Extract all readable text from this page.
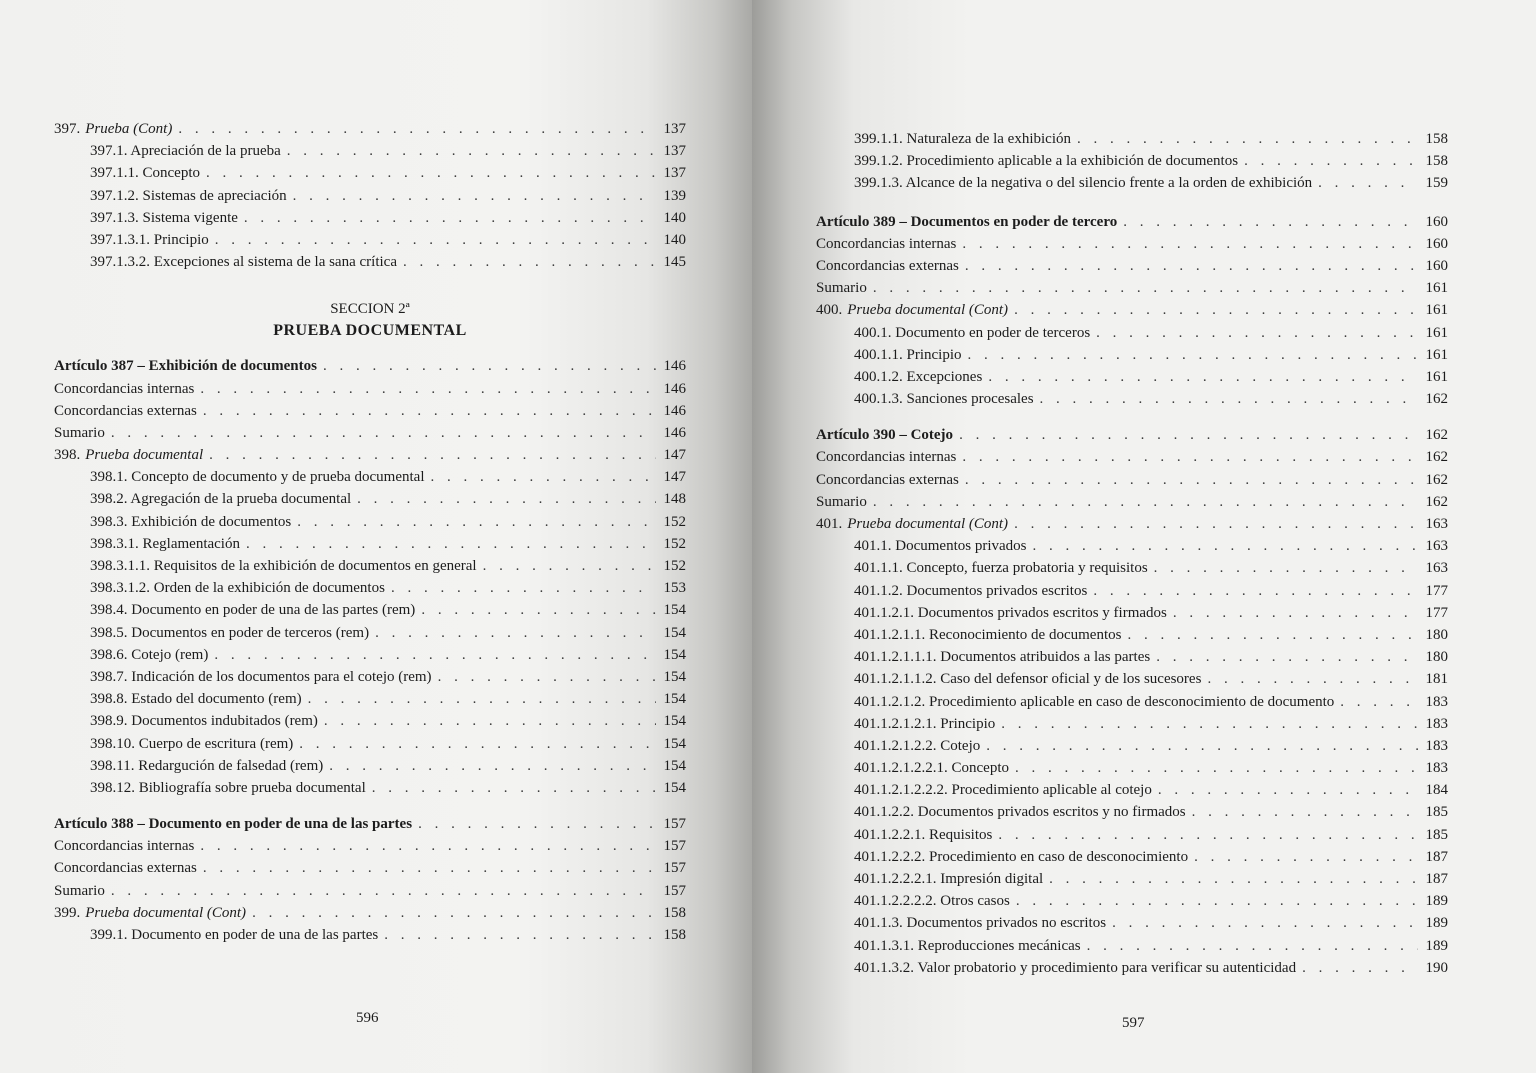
397. Prueba (Cont) . . .	137
397.1. Apreciación de la prueba . . .	137
397.1.1. Concepto . . .	137
397.1.2. Sistemas de apreciación . . .	139
397.1.3. Sistema vigente . . .	140
397.1.3.1. Principio . . .	140
397.1.3.2. Excepciones al sistema de la sana crítica . . .	145

SECCION 2ª

PRUEBA DOCUMENTAL

Artículo 387 – Exhibición de documentos . . .	146
Concordancias internas . . .	146
Concordancias externas . . .	146
Sumario . . .	146
398. Prueba documental . . .	147
398.1. Concepto de documento y de prueba documental . . .	147
398.2. Agregación de la prueba documental . . .	148
398.3. Exhibición de documentos . . .	152
398.3.1. Reglamentación . . .	152
398.3.1.1. Requisitos de la exhibición de documentos en general . . .	152
398.3.1.2. Orden de la exhibición de documentos . . .	153
398.4. Documento en poder de una de las partes (rem) . . .	154
398.5. Documentos en poder de terceros (rem) . . .	154
398.6. Cotejo (rem) . . .	154
398.7. Indicación de los documentos para el cotejo (rem) . . .	154
398.8. Estado del documento (rem) . . .	154
398.9. Documentos indubitados (rem) . . .	154
398.10. Cuerpo de escritura (rem) . . .	154
398.11. Redargución de falsedad (rem) . . .	154
398.12. Bibliografía sobre prueba documental . . .	154
Artículo 388 – Documento en poder de una de las partes . . .	157
Concordancias internas . . .	157
Concordancias externas . . .	157
Sumario . . .	157
399. Prueba documental (Cont) . . .	158
399.1. Documento en poder de una de las partes . . .	158
596
399.1.1. Naturaleza de la exhibición . . .	158
399.1.2. Procedimiento aplicable a la exhibición de documentos . . .	158
399.1.3. Alcance de la negativa o del silencio frente a la orden de exhibición . . .	159
Artículo 389 – Documentos en poder de tercero . . .	160
Concordancias internas . . .	160
Concordancias externas . . .	160
Sumario . . .	161
400. Prueba documental (Cont) . . .	161
400.1. Documento en poder de terceros . . .	161
400.1.1. Principio . . .	161
400.1.2. Excepciones . . .	161
400.1.3. Sanciones procesales . . .	162
Artículo 390 – Cotejo . . .	162
Concordancias internas . . .	162
Concordancias externas . . .	162
Sumario . . .	162
401. Prueba documental (Cont) . . .	163
401.1. Documentos privados . . .	163
401.1.1. Concepto, fuerza probatoria y requisitos . . .	163
401.1.2. Documentos privados escritos . . .	177
401.1.2.1. Documentos privados escritos y firmados . . .	177
401.1.2.1.1. Reconocimiento de documentos . . .	180
401.1.2.1.1.1. Documentos atribuidos a las partes . . .	180
401.1.2.1.1.2. Caso del defensor oficial y de los sucesores . . .	181
401.1.2.1.2. Procedimiento aplicable en caso de desconocimiento de documento . . .	183
401.1.2.1.2.1. Principio . . .	183
401.1.2.1.2.2. Cotejo . . .	183
401.1.2.1.2.2.1. Concepto . . .	183
401.1.2.1.2.2.2. Procedimiento aplicable al cotejo . . .	184
401.1.2.2. Documentos privados escritos y no firmados . . .	185
401.1.2.2.1. Requisitos . . .	185
401.1.2.2.2. Procedimiento en caso de desconocimiento . . .	187
401.1.2.2.2.1. Impresión digital . . .	187
401.1.2.2.2.2. Otros casos . . .	189
401.1.3. Documentos privados no escritos . . .	189
401.1.3.1. Reproducciones mecánicas . . .	189
401.1.3.2. Valor probatorio y procedimiento para verificar su autenticidad . . .	190
597
